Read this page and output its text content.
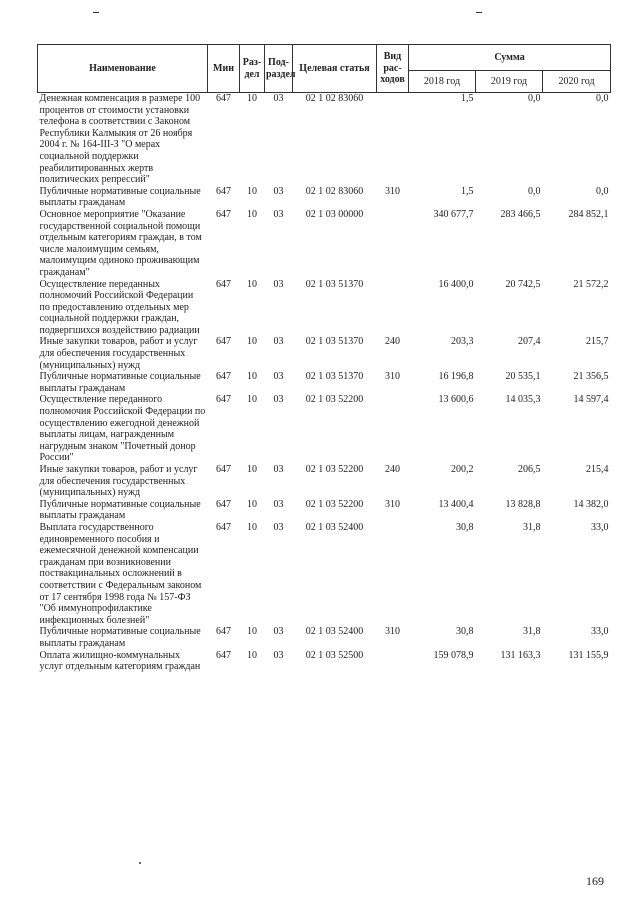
Наименование	Мин	Раз-дел	Под-раздел	Целевая статья	Вид рас-ходов	Сумма		
						2018 год	2019 год	2020 год
Денежная компенсация в размере 100 процентов от стоимости установки телефона в соответствии с Законом Республики Калмыкия от 26 ноября 2004 г. № 164-III-З "О мерах социальной поддержки реабилитированных жертв политических репрессий"	647	10	03	02 1 02 83060		1,5	0,0	0,0
Публичные нормативные социальные выплаты гражданам	647	10	03	02 1 02 83060	310	1,5	0,0	0,0
Основное мероприятие "Оказание государственной социальной помощи отдельным категориям граждан, в том числе малоимущим семьям, малоимущим одиноко проживающим гражданам"	647	10	03	02 1 03 00000		340 677,7	283 466,5	284 852,1
Осуществление переданных полномочий Российской Федерации по предоставлению отдельных мер социальной поддержки граждан, подвергшихся воздействию радиации	647	10	03	02 1 03 51370		16 400,0	20 742,5	21 572,2
Иные закупки товаров, работ и услуг для обеспечения государственных (муниципальных) нужд	647	10	03	02 1 03 51370	240	203,3	207,4	215,7
Публичные нормативные социальные выплаты гражданам	647	10	03	02 1 03 51370	310	16 196,8	20 535,1	21 356,5
Осуществление переданного полномочия Российской Федерации по осуществлению ежегодной денежной выплаты лицам, награжденным нагрудным знаком "Почетный донор России"	647	10	03	02 1 03 52200		13 600,6	14 035,3	14 597,4
Иные закупки товаров, работ и услуг для обеспечения государственных (муниципальных) нужд	647	10	03	02 1 03 52200	240	200,2	206,5	215,4
Публичные нормативные социальные выплаты гражданам	647	10	03	02 1 03 52200	310	13 400,4	13 828,8	14 382,0
Выплата государственного единовременного пособия и ежемесячной денежной компенсации гражданам при возникновении поствакцинальных осложнений в соответствии с Федеральным законом от 17 сентября 1998 года № 157-ФЗ "Об иммунопрофилактике инфекционных болезней"	647	10	03	02 1 03 52400		30,8	31,8	33,0
Публичные нормативные социальные выплаты гражданам	647	10	03	02 1 03 52400	310	30,8	31,8	33,0
Оплата жилищно-коммунальных услуг отдельным категориям граждан	647	10	03	02 1 03 52500		159 078,9	131 163,3	131 155,9
169
